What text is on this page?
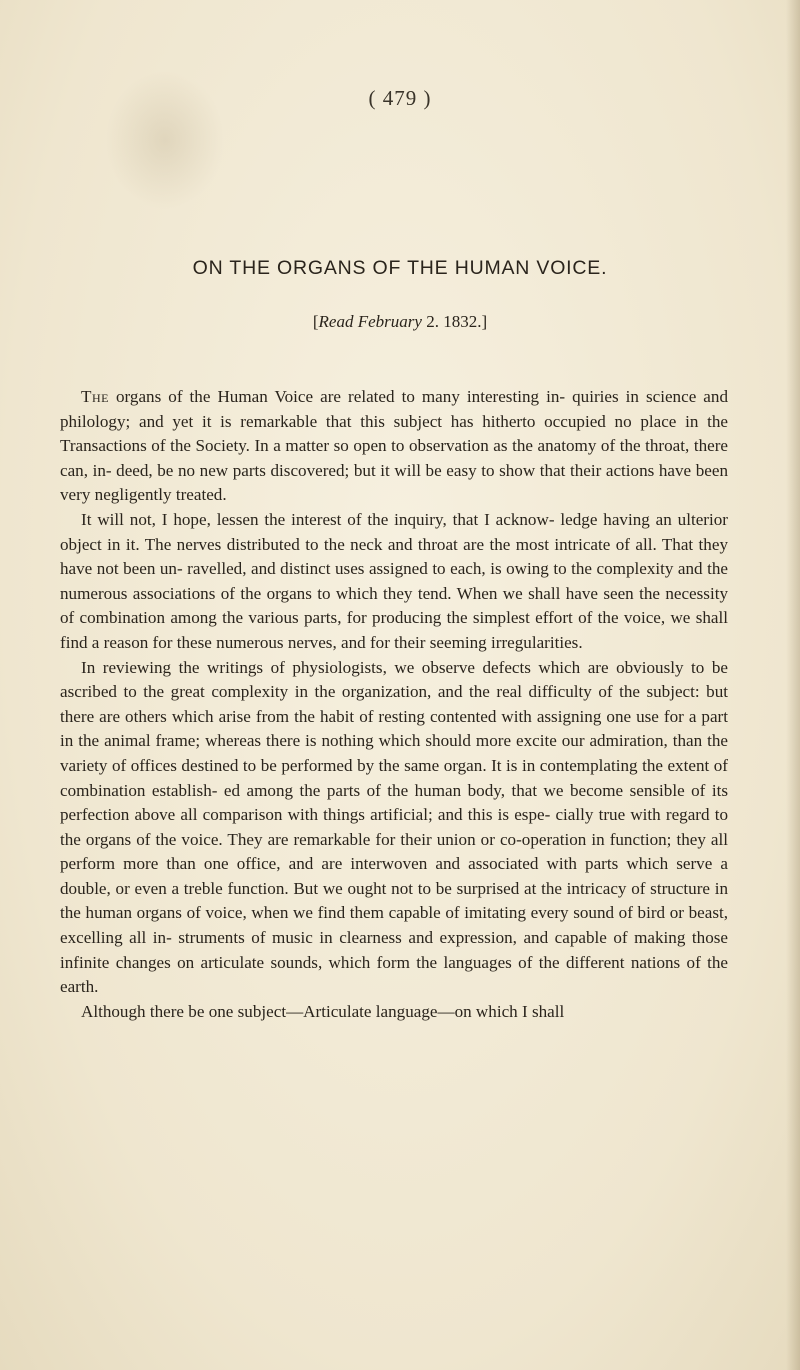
( 479 )
ON THE ORGANS OF THE HUMAN VOICE.
[Read February 2. 1832.]

The organs of the Human Voice are related to many interesting in- quiries in science and philology; and yet it is remarkable that this subject has hitherto occupied no place in the Transactions of the Society. In a matter so open to observation as the anatomy of the throat, there can, in- deed, be no new parts discovered; but it will be easy to show that their actions have been very negligently treated.

It will not, I hope, lessen the interest of the inquiry, that I acknow- ledge having an ulterior object in it. The nerves distributed to the neck and throat are the most intricate of all. That they have not been un- ravelled, and distinct uses assigned to each, is owing to the complexity and the numerous associations of the organs to which they tend. When we shall have seen the necessity of combination among the various parts, for producing the simplest effort of the voice, we shall find a reason for these numerous nerves, and for their seeming irregularities.

In reviewing the writings of physiologists, we observe defects which are obviously to be ascribed to the great complexity in the organization, and the real difficulty of the subject: but there are others which arise from the habit of resting contented with assigning one use for a part in the animal frame; whereas there is nothing which should more excite our admiration, than the variety of offices destined to be performed by the same organ. It is in contemplating the extent of combination establish- ed among the parts of the human body, that we become sensible of its perfection above all comparison with things artificial; and this is espe- cially true with regard to the organs of the voice. They are remarkable for their union or co-operation in function; they all perform more than one office, and are interwoven and associated with parts which serve a double, or even a treble function. But we ought not to be surprised at the intricacy of structure in the human organs of voice, when we find them capable of imitating every sound of bird or beast, excelling all in- struments of music in clearness and expression, and capable of making those infinite changes on articulate sounds, which form the languages of the different nations of the earth.

Although there be one subject—Articulate language—on which I shall
